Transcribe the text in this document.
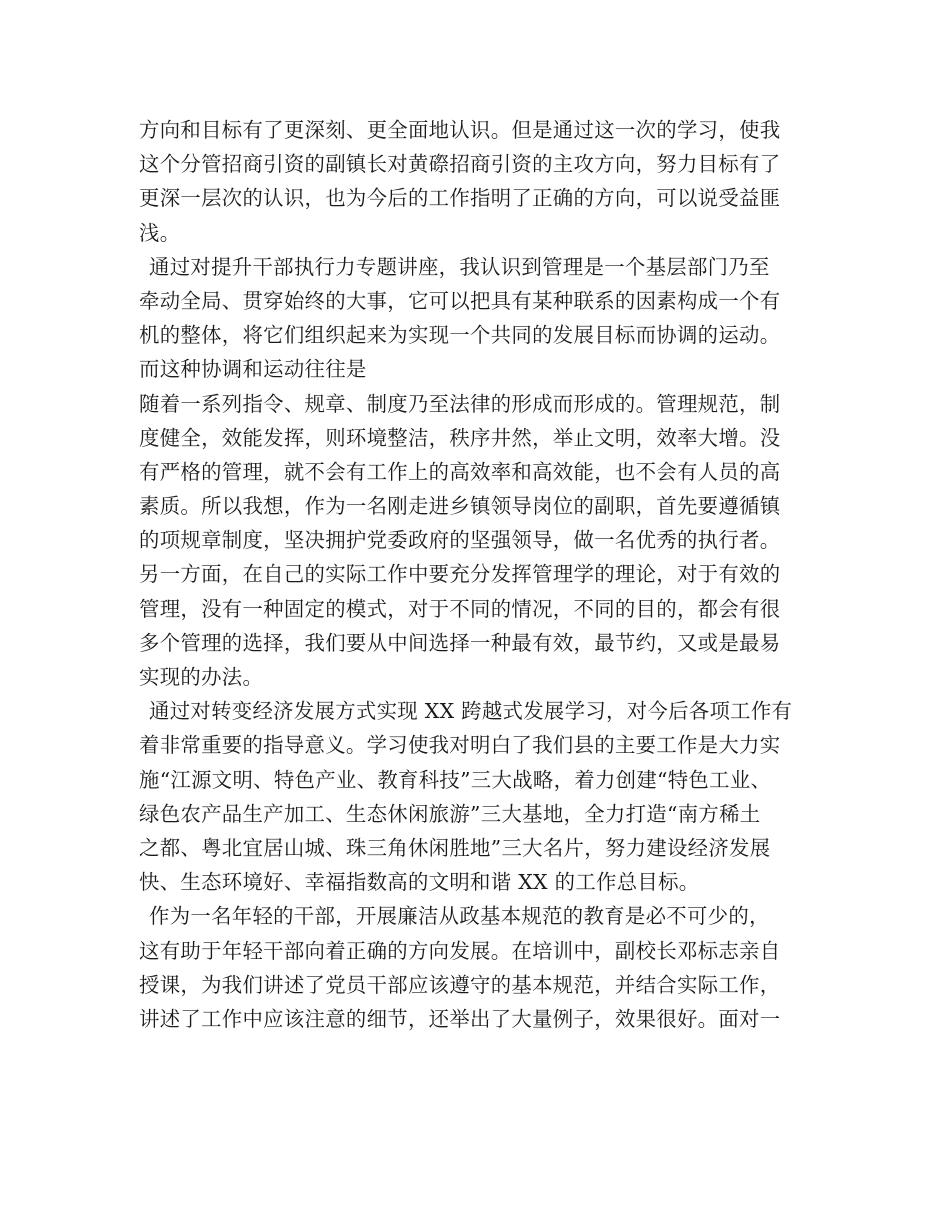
方向和目标有了更深刻、更全面地认识。但是通过这一次的学习，使我
这个分管招商引资的副镇长对黄磜招商引资的主攻方向，努力目标有了
更深一层次的认识，也为今后的工作指明了正确的方向，可以说受益匪
浅。
通过对提升干部执行力专题讲座，我认识到管理是一个基层部门乃至
牵动全局、贯穿始终的大事，它可以把具有某种联系的因素构成一个有
机的整体，将它们组织起来为实现一个共同的发展目标而协调的运动。
而这种协调和运动往往是
随着一系列指令、规章、制度乃至法律的形成而形成的。管理规范，制
度健全，效能发挥，则环境整洁，秩序井然，举止文明，效率大增。没
有严格的管理，就不会有工作上的高效率和高效能，也不会有人员的高
素质。所以我想，作为一名刚走进乡镇领导岗位的副职，首先要遵循镇
的项规章制度，坚决拥护党委政府的坚强领导，做一名优秀的执行者。
另一方面，在自己的实际工作中要充分发挥管理学的理论，对于有效的
管理，没有一种固定的模式，对于不同的情况，不同的目的，都会有很
多个管理的选择，我们要从中间选择一种最有效，最节约，又或是最易
实现的办法。
通过对转变经济发展方式实现 XX 跨越式发展学习，对今后各项工作有
着非常重要的指导意义。学习使我对明白了我们县的主要工作是大力实
施“江源文明、特色产业、教育科技”三大战略，着力创建“特色工业、
绿色农产品生产加工、生态休闲旅游”三大基地，全力打造“南方稀土
之都、粤北宜居山城、珠三角休闲胜地”三大名片，努力建设经济发展
快、生态环境好、幸福指数高的文明和谐 XX 的工作总目标。
作为一名年轻的干部，开展廉洁从政基本规范的教育是必不可少的，
这有助于年轻干部向着正确的方向发展。在培训中，副校长邓标志亲自
授课，为我们讲述了党员干部应该遵守的基本规范，并结合实际工作，
讲述了工作中应该注意的细节，还举出了大量例子，效果很好。面对一
